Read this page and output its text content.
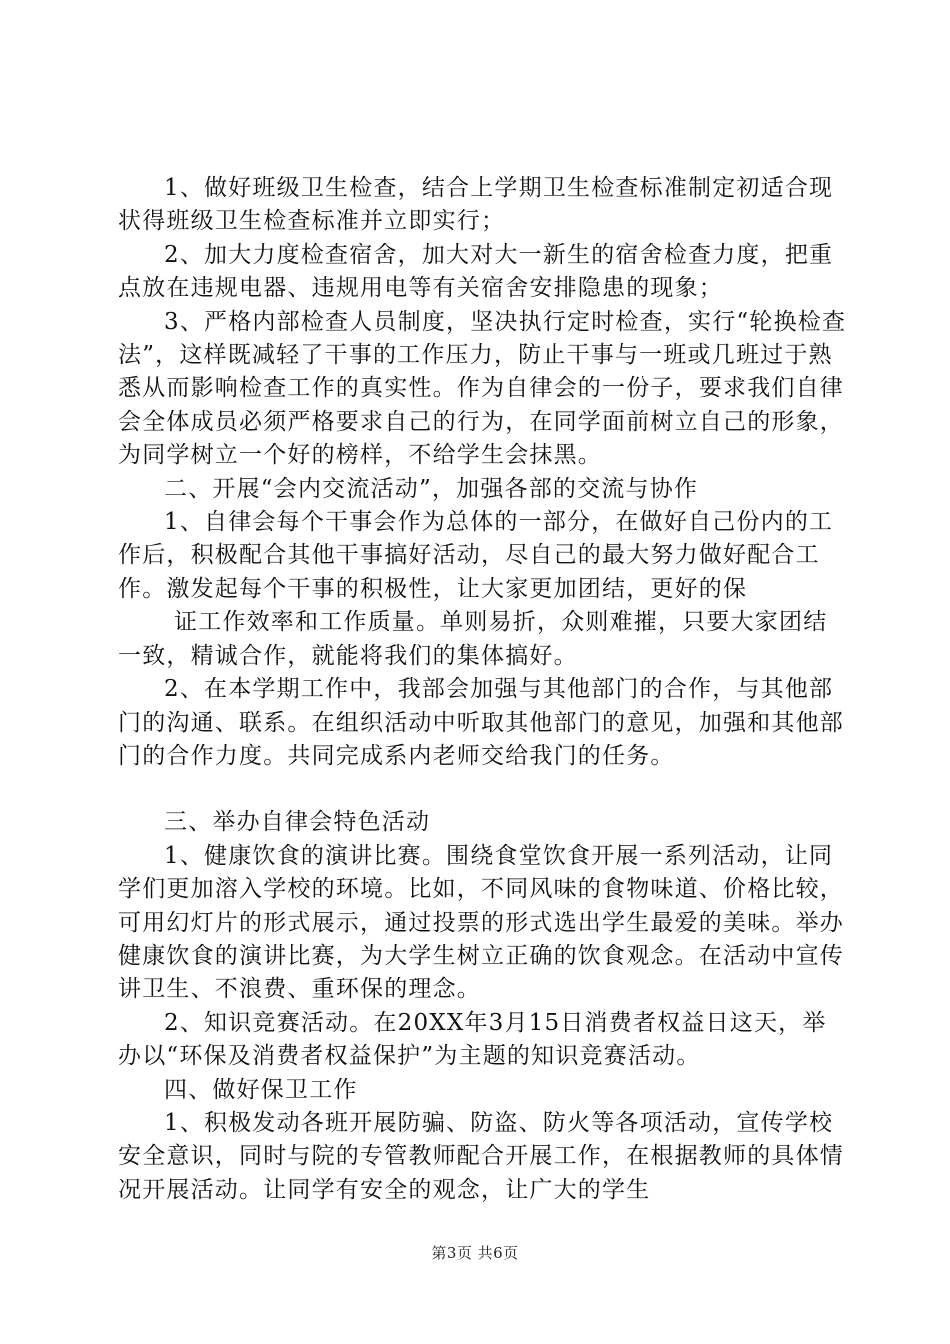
1、做好班级卫生检查，结合上学期卫生检查标准制定初适合现状得班级卫生检查标准并立即实行；

2、加大力度检查宿舍，加大对大一新生的宿舍检查力度，把重点放在违规电器、违规用电等有关宿舍安排隐患的现象；

3、严格内部检查人员制度，坚决执行定时检查，实行“轮换检查法”，这样既减轻了干事的工作压力，防止干事与一班或几班过于熟悉从而影响检查工作的真实性。作为自律会的一份子，要求我们自律会全体成员必须严格要求自己的行为，在同学面前树立自己的形象，为同学树立一个好的榜样，不给学生会抹黑。

二、开展“会内交流活动”，加强各部的交流与协作

1、自律会每个干事会作为总体的一部分，在做好自己份内的工作后，积极配合其他干事搞好活动，尽自己的最大努力做好配合工作。激发起每个干事的积极性，让大家更加团结，更好的保

证工作效率和工作质量。单则易折，众则难摧，只要大家团结一致，精诚合作，就能将我们的集体搞好。

2、在本学期工作中，我部会加强与其他部门的合作，与其他部门的沟通、联系。在组织活动中听取其他部门的意见，加强和其他部门的合作力度。共同完成系内老师交给我门的任务。

三、举办自律会特色活动

1、健康饮食的演讲比赛。围绕食堂饮食开展一系列活动，让同学们更加溶入学校的环境。比如，不同风味的食物味道、价格比较，可用幻灯片的形式展示，通过投票的形式选出学生最爱的美味。举办健康饮食的演讲比赛，为大学生树立正确的饮食观念。在活动中宣传讲卫生、不浪费、重环保的理念。

2、知识竞赛活动。在20XX年3月15日消费者权益日这天，举办以“环保及消费者权益保护”为主题的知识竞赛活动。

四、做好保卫工作

1、积极发动各班开展防骗、防盗、防火等各项活动，宣传学校安全意识，同时与院的专管教师配合开展工作，在根据教师的具体情况开展活动。让同学有安全的观念，让广大的学生

第3页 共6页
